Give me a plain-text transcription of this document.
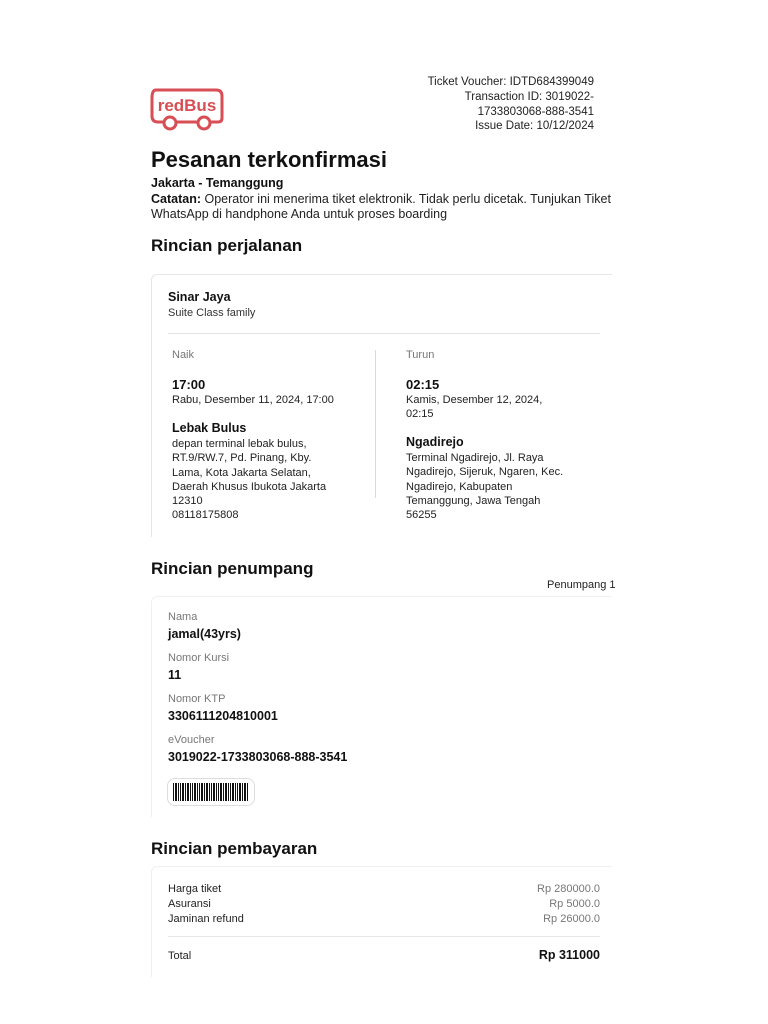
redBus
Ticket Voucher: IDTD684399049
Transaction ID: 3019022-
1733803068-888-3541
Issue Date: 10/12/2024
Pesanan terkonfirmasi
Jakarta - Temanggung
Catatan: Operator ini menerima tiket elektronik. Tidak perlu dicetak. Tunjukan Tiket WhatsApp di handphone Anda untuk proses boarding
Rincian perjalanan
Sinar Jaya
Suite Class family
Naik
17:00
Rabu, Desember 11, 2024, 17:00
Lebak Bulus
depan terminal lebak bulus,
RT.9/RW.7, Pd. Pinang, Kby.
Lama, Kota Jakarta Selatan,
Daerah Khusus Ibukota Jakarta
12310
08118175808
Turun
02:15
Kamis, Desember 12, 2024,
02:15
Ngadirejo
Terminal Ngadirejo, Jl. Raya
Ngadirejo, Sijeruk, Ngaren, Kec.
Ngadirejo, Kabupaten
Temanggung, Jawa Tengah
56255
Rincian penumpang
Penumpang 1
Nama
jamal(43yrs)
Nomor Kursi
11
Nomor KTP
3306111204810001
eVoucher
3019022-1733803068-888-3541
Rincian pembayaran
Harga tiket	Rp 280000.0
Asuransi	Rp 5000.0
Jaminan refund	Rp 26000.0
Total	Rp 311000
